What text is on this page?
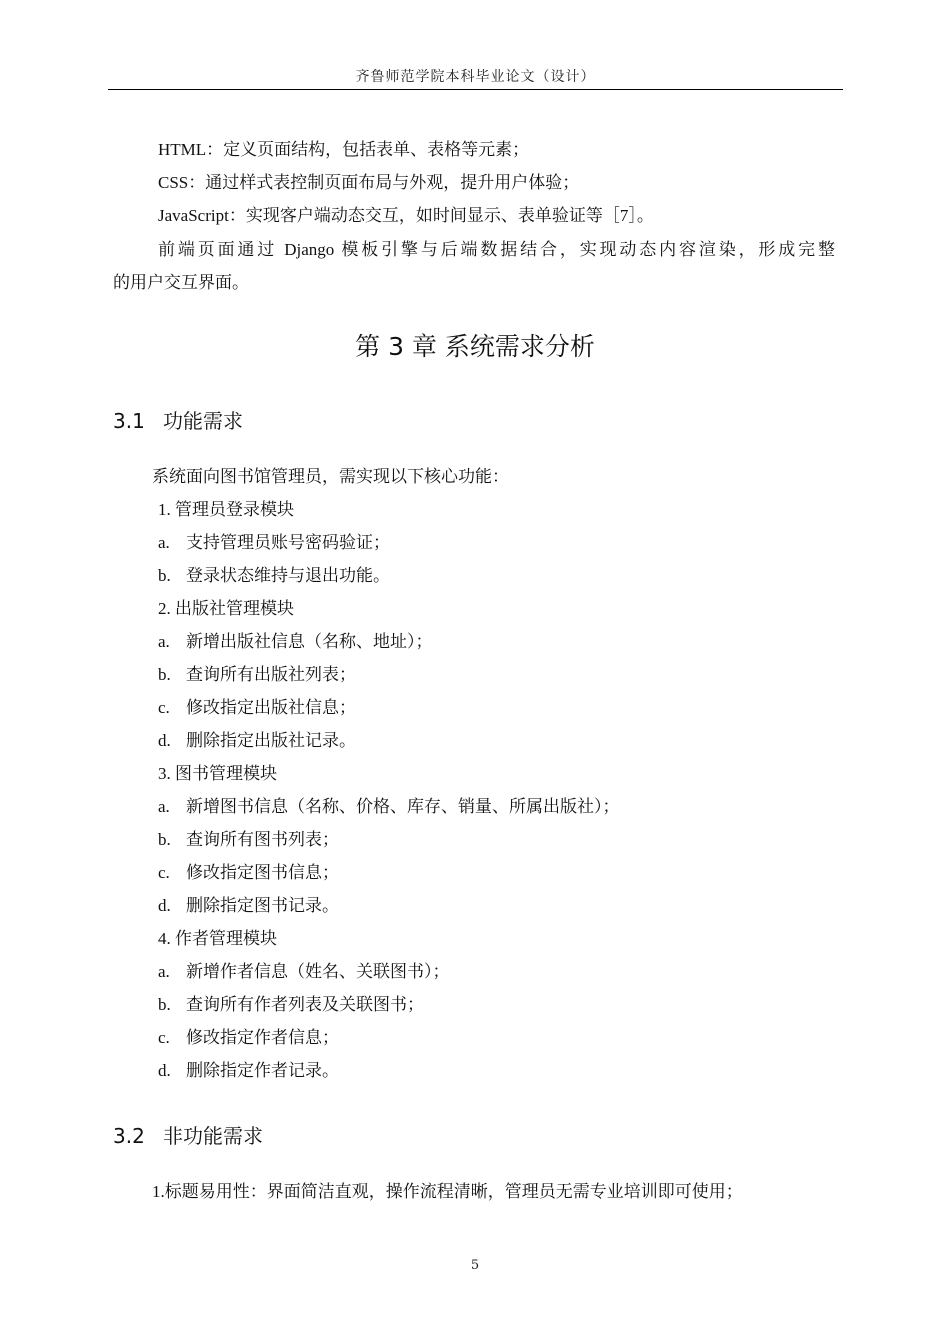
齐鲁师范学院本科毕业论文（设计）
HTML：定义页面结构，包括表单、表格等元素；
CSS：通过样式表控制页面布局与外观，提升用户体验；
JavaScript：实现客户端动态交互，如时间显示、表单验证等［7］。
前端页面通过 Django 模板引擎与后端数据结合，实现动态内容渲染，形成完整
的用户交互界面。
第 3 章 系统需求分析
3.1 功能需求
系统面向图书馆管理员，需实现以下核心功能：
1. 管理员登录模块
a. 支持管理员账号密码验证；
b. 登录状态维持与退出功能。
2. 出版社管理模块
a. 新增出版社信息（名称、地址）；
b. 查询所有出版社列表；
c. 修改指定出版社信息；
d. 删除指定出版社记录。
3. 图书管理模块
a. 新增图书信息（名称、价格、库存、销量、所属出版社）；
b. 查询所有图书列表；
c. 修改指定图书信息；
d. 删除指定图书记录。
4. 作者管理模块
a. 新增作者信息（姓名、关联图书）；
b. 查询所有作者列表及关联图书；
c. 修改指定作者信息；
d. 删除指定作者记录。
3.2 非功能需求
1.标题易用性：界面简洁直观，操作流程清晰，管理员无需专业培训即可使用；
5
